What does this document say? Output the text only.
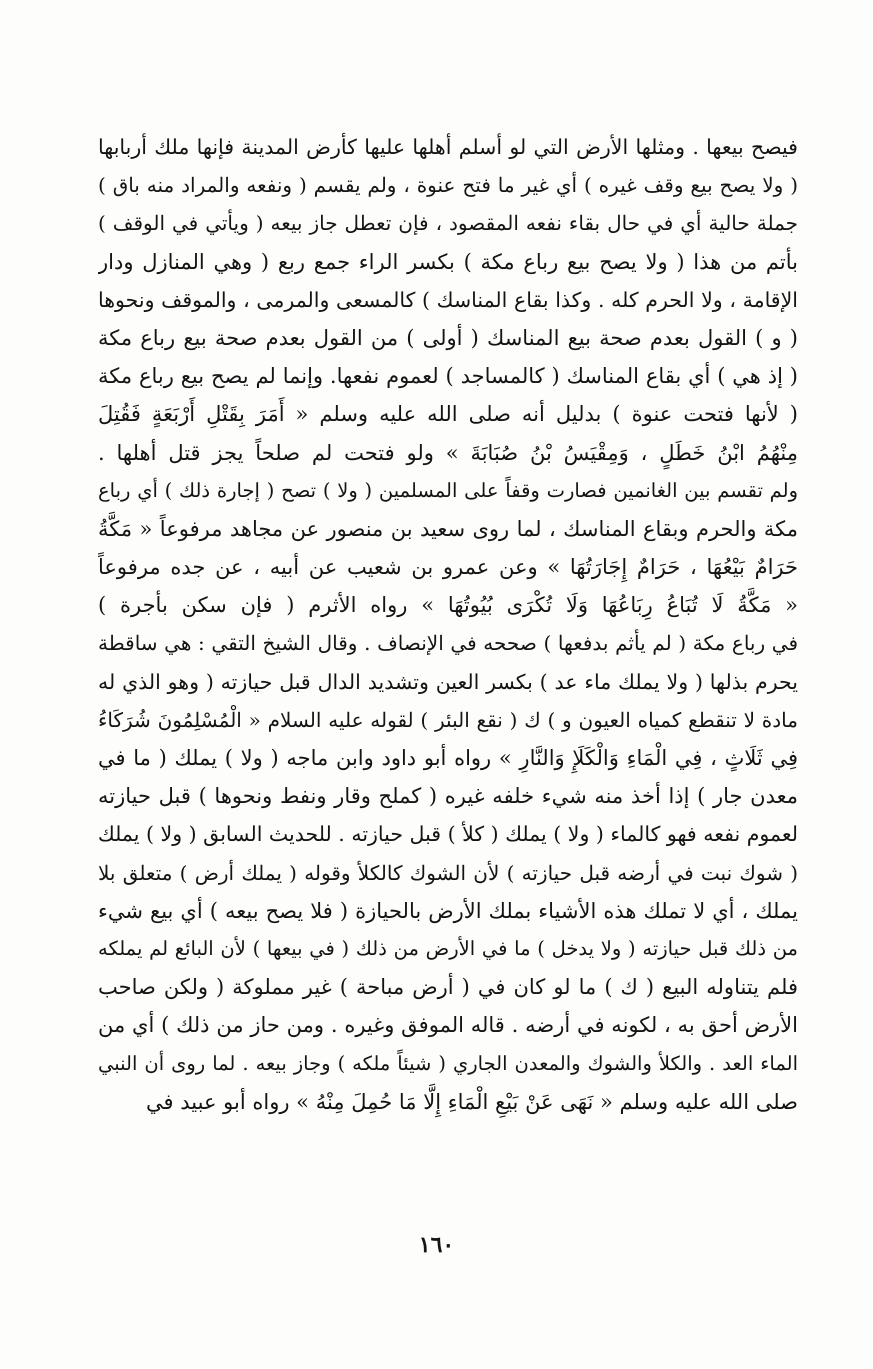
فيصح بيعها . ومثلها الأرض التي لو أسلم أهلها عليها كأرض المدينة فإنها ملك أربابها
( ولا يصح بيع وقف غيره ) أي غير ما فتح عنوة ، ولم يقسم ( ونفعه والمراد منه باق )
جملة حالية أي في حال بقاء نفعه المقصود ، فإن تعطل جاز بيعه ( ويأتي في الوقف )
بأتم من هذا ( ولا يصح بيع رباع مكة ) بكسر الراء جمع ربع ( وهي المنازل ودار
الإقامة ، ولا الحرم كله . وكذا بقاع المناسك ) كالمسعى والمرمى ، والموقف ونحوها
( و ) القول بعدم صحة بيع المناسك ( أولى ) من القول بعدم صحة بيع رباع مكة
( إذ هي ) أي بقاع المناسك ( كالمساجد ) لعموم نفعها. وإنما لم يصح بيع رباع مكة
( لأنها فتحت عنوة ) بدليل أنه صلى الله عليه وسلم « أَمَرَ بِقَتْلِ أَرْبَعَةٍ فَقُتِلَ
مِنْهُمُ ابْنُ خَطَلٍ ، وَمِقْيَسُ بْنُ صُبَابَةَ » ولو فتحت لم صلحاً يجز قتل أهلها .
ولم تقسم بين الغانمين فصارت وقفاً على المسلمين ( ولا ) تصح ( إجارة ذلك ) أي رباع
مكة والحرم وبقاع المناسك ، لما روى سعيد بن منصور عن مجاهد مرفوعاً « مَكَّةُ
حَرَامٌ بَيْعُهَا ، حَرَامٌ إِجَارَتُهَا » وعن عمرو بن شعيب عن أبيه ، عن جده مرفوعاً
« مَكَّةُ لَا تُبَاعُ رِبَاعُهَا وَلَا تُكْرَى بُيُوتُهَا » رواه الأثرم ( فإن سكن بأجرة )
في رباع مكة ( لم يأثم بدفعها ) صححه في الإنصاف . وقال الشيخ التقي : هي ساقطة
يحرم بذلها ( ولا يملك ماء عد ) بكسر العين وتشديد الدال قبل حيازته ( وهو الذي له
مادة لا تنقطع كمياه العيون و ) ك ( نقع البئر ) لقوله عليه السلام « الْمُسْلِمُونَ شُرَكَاءُ
فِي ثَلَاثٍ ، فِي الْمَاءِ وَالْكَلَإِ وَالنَّارِ » رواه أبو داود وابن ماجه ( ولا ) يملك ( ما في
معدن جار ) إذا أخذ منه شيء خلفه غيره ( كملح وقار ونفط ونحوها ) قبل حيازته
لعموم نفعه فهو كالماء ( ولا ) يملك ( كلأ ) قبل حيازته . للحديث السابق ( ولا ) يملك
( شوك نبت في أرضه قبل حيازته ) لأن الشوك كالكلأ وقوله ( يملك أرض ) متعلق بلا
يملك ، أي لا تملك هذه الأشياء بملك الأرض بالحيازة ( فلا يصح بيعه ) أي بيع شيء
من ذلك قبل حيازته ( ولا يدخل ) ما في الأرض من ذلك ( في بيعها ) لأن البائع لم يملكه
فلم يتناوله البيع ( ك ) ما لو كان في ( أرض مباحة ) غير مملوكة ( ولكن صاحب
الأرض أحق به ، لكونه في أرضه . قاله الموفق وغيره . ومن حاز من ذلك ) أي من
الماء العد . والكلأ والشوك والمعدن الجاري ( شيئاً ملكه ) وجاز بيعه . لما روى أن النبي
صلى الله عليه وسلم « نَهَى عَنْ بَيْعِ الْمَاءِ إِلَّا مَا حُمِلَ مِنْهُ » رواه أبو عبيد في
١٦٠
